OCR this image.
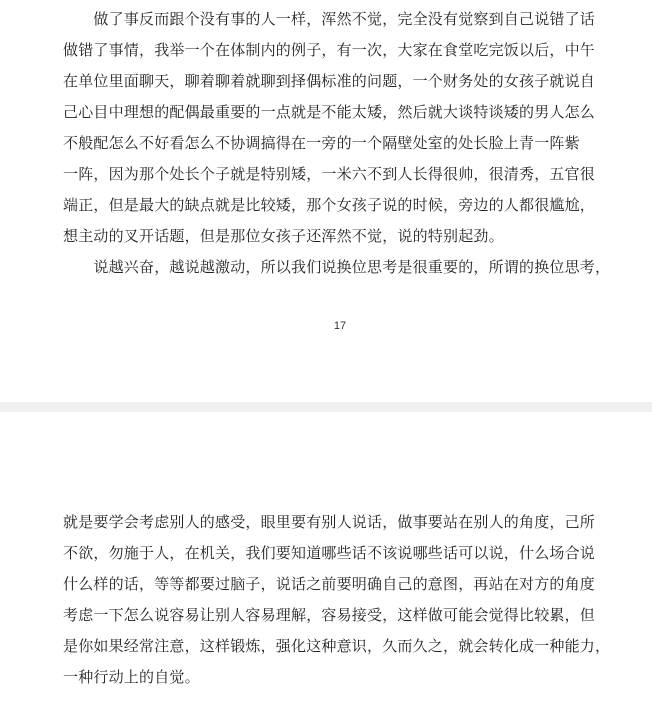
　　做了事反而跟个没有事的人一样，浑然不觉，完全没有觉察到自己说错了话

做错了事情，我举一个在体制内的例子，有一次，大家在食堂吃完饭以后，中午

在单位里面聊天，聊着聊着就聊到择偶标准的问题，一个财务处的女孩子就说自

己心目中理想的配偶最重要的一点就是不能太矮，然后就大谈特谈矮的男人怎么

不般配怎么不好看怎么不协调搞得在一旁的一个隔壁处室的处长脸上青一阵紫

一阵，因为那个处长个子就是特别矮，一米六不到人长得很帅，很清秀，五官很

端正，但是最大的缺点就是比较矮，那个女孩子说的时候，旁边的人都很尴尬，

想主动的叉开话题，但是那位女孩子还浑然不觉，说的特别起劲。

　　说越兴奋，越说越激动，所以我们说换位思考是很重要的，所谓的换位思考，

17

就是要学会考虑别人的感受，眼里要有别人说话，做事要站在别人的角度，己所

不欲，勿施于人，在机关，我们要知道哪些话不该说哪些话可以说，什么场合说

什么样的话，等等都要过脑子，说话之前要明确自己的意图，再站在对方的角度

考虑一下怎么说容易让别人容易理解，容易接受，这样做可能会觉得比较累，但

是你如果经常注意，这样锻炼，强化这种意识，久而久之，就会转化成一种能力，

一种行动上的自觉。
